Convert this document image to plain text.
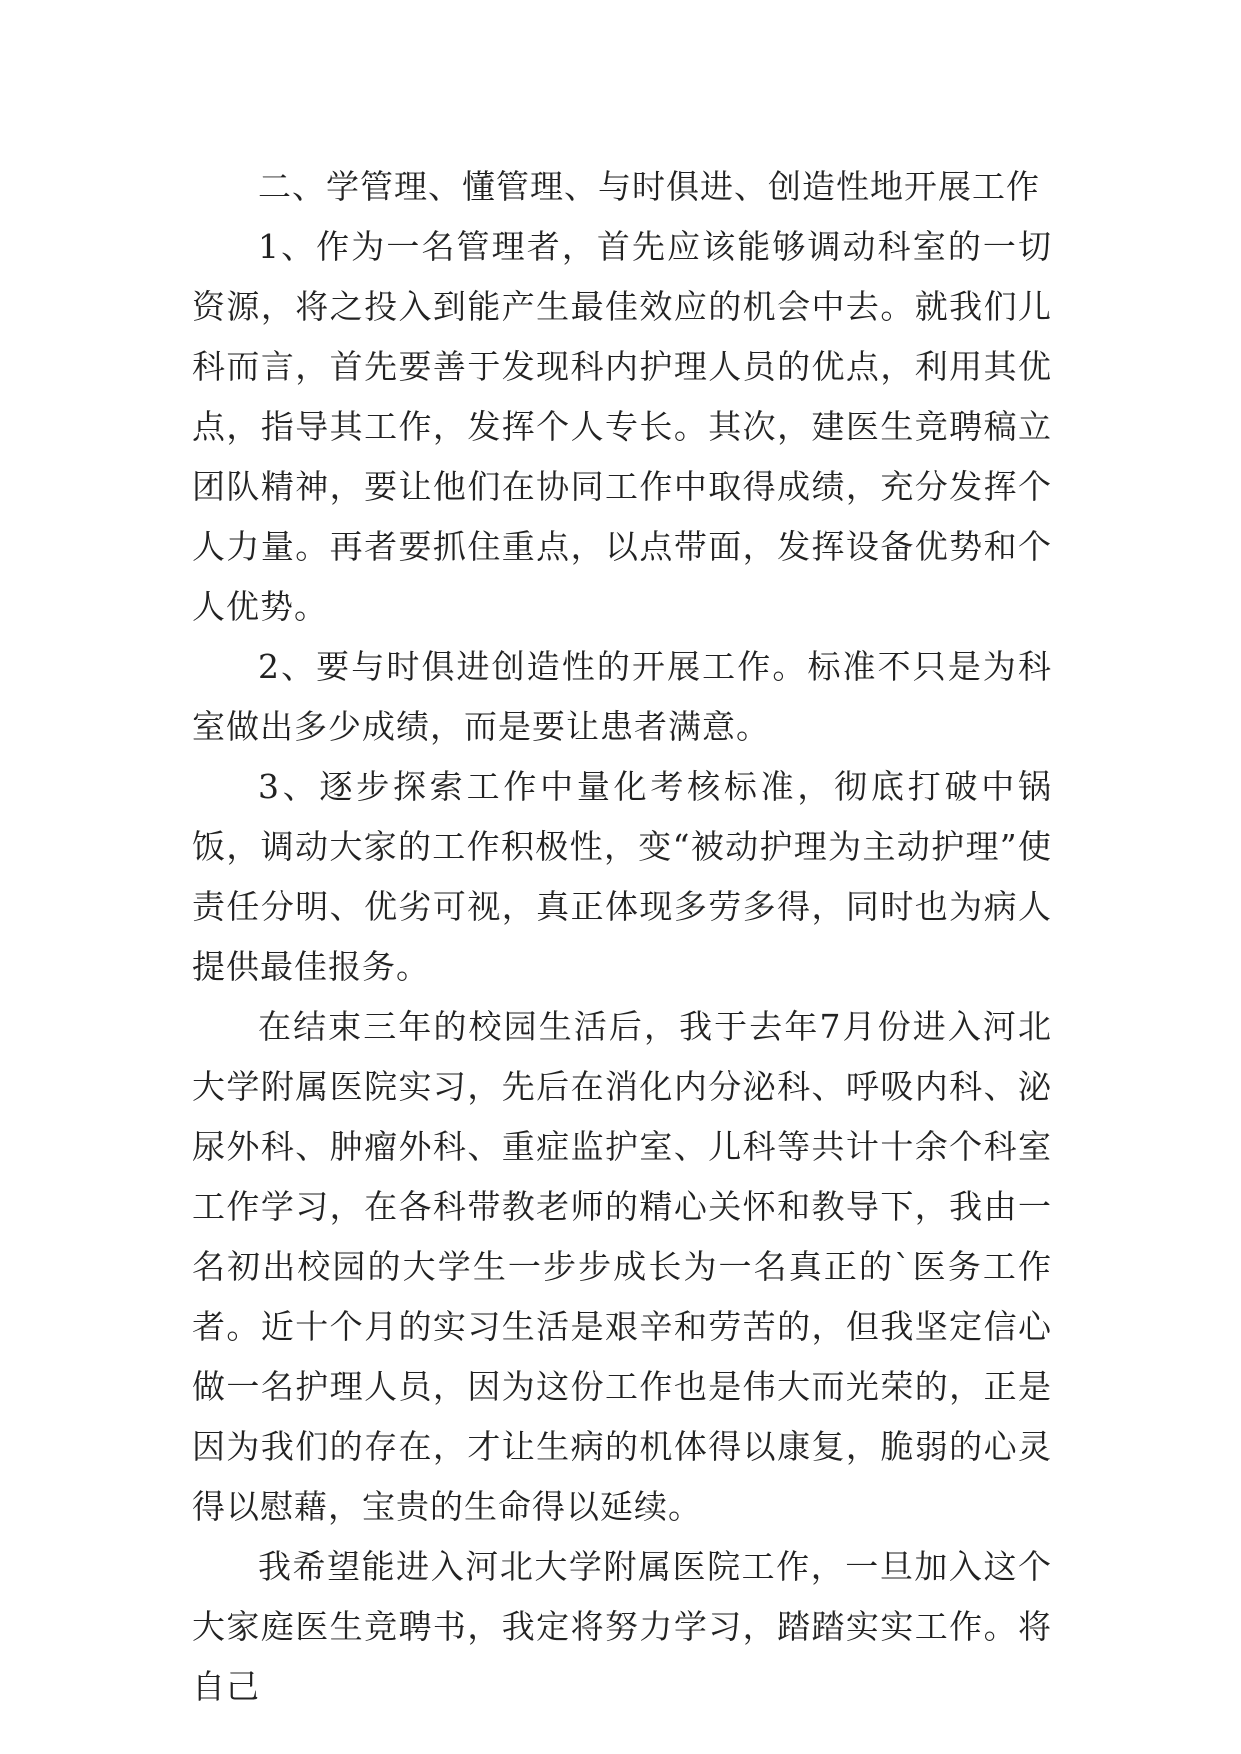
二、学管理、懂管理、与时俱进、创造性地开展工作

1、作为一名管理者，首先应该能够调动科室的一切资源，将之投入到能产生最佳效应的机会中去。就我们儿科而言，首先要善于发现科内护理人员的优点，利用其优点，指导其工作，发挥个人专长。其次，建医生竞聘稿立团队精神，要让他们在协同工作中取得成绩，充分发挥个人力量。再者要抓住重点，以点带面，发挥设备优势和个人优势。

2、要与时俱进创造性的开展工作。标准不只是为科室做出多少成绩，而是要让患者满意。

3、逐步探索工作中量化考核标准，彻底打破中锅饭，调动大家的工作积极性，变“被动护理为主动护理”使责任分明、优劣可视，真正体现多劳多得，同时也为病人提供最佳报务。

在结束三年的校园生活后，我于去年7月份进入河北大学附属医院实习，先后在消化内分泌科、呼吸内科、泌尿外科、肿瘤外科、重症监护室、儿科等共计十余个科室工作学习，在各科带教老师的精心关怀和教导下，我由一名初出校园的大学生一步步成长为一名真正的`医务工作者。近十个月的实习生活是艰辛和劳苦的，但我坚定信心做一名护理人员，因为这份工作也是伟大而光荣的，正是因为我们的存在，才让生病的机体得以康复，脆弱的心灵得以慰藉，宝贵的生命得以延续。

我希望能进入河北大学附属医院工作，一旦加入这个大家庭医生竞聘书，我定将努力学习，踏踏实实工作。将自己
